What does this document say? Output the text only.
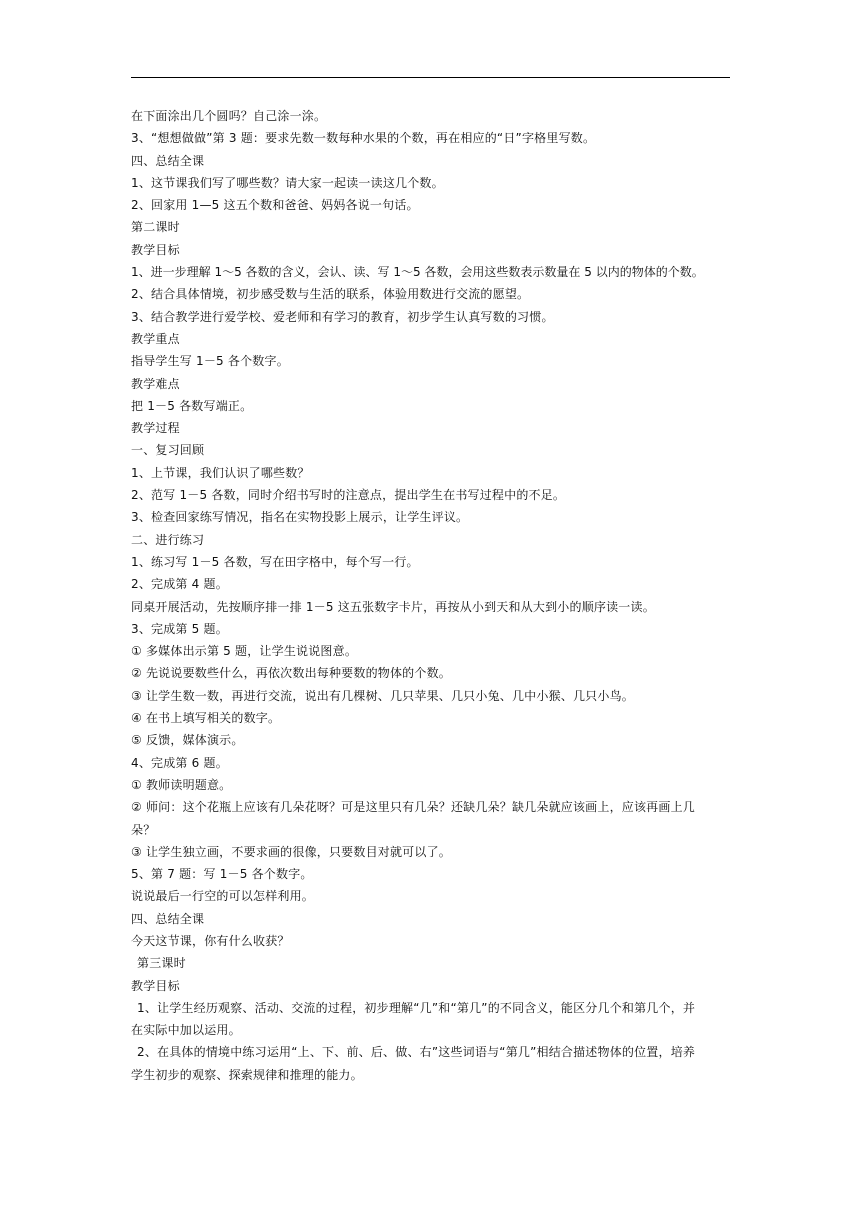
在下面涂出几个圆吗？自己涂一涂。
3、“想想做做”第 3 题：要求先数一数每种水果的个数，再在相应的“日”字格里写数。
四、总结全课
1、这节课我们写了哪些数？请大家一起读一读这几个数。
2、回家用 1—5 这五个数和爸爸、妈妈各说一句话。
第二课时
教学目标
1、进一步理解 1～5 各数的含义，会认、读、写 1～5 各数，会用这些数表示数量在 5 以内的物体的个数。
2、结合具体情境，初步感受数与生活的联系，体验用数进行交流的愿望。
3、结合教学进行爱学校、爱老师和有学习的教育，初步学生认真写数的习惯。
教学重点
指导学生写 1－5 各个数字。
教学难点
把 1－5 各数写端正。
教学过程
一、复习回顾
1、上节课，我们认识了哪些数？
2、范写 1－5 各数，同时介绍书写时的注意点，提出学生在书写过程中的不足。
3、检查回家练写情况，指名在实物投影上展示，让学生评议。
二、进行练习
1、练习写 1－5 各数，写在田字格中，每个写一行。
2、完成第 4 题。
同桌开展活动，先按顺序排一排 1－5 这五张数字卡片，再按从小到天和从大到小的顺序读一读。
3、完成第 5 题。
① 多媒体出示第 5 题，让学生说说图意。
② 先说说要数些什么，再依次数出每种要数的物体的个数。
③ 让学生数一数，再进行交流，说出有几棵树、几只苹果、几只小兔、几中小猴、几只小鸟。
④ 在书上填写相关的数字。
⑤ 反馈，媒体演示。
4、完成第 6 题。
① 教师读明题意。
② 师问：这个花瓶上应该有几朵花呀？可是这里只有几朵？还缺几朵？缺几朵就应该画上，应该再画上几
朵？
③ 让学生独立画，不要求画的很像，只要数目对就可以了。
5、第 7 题：写 1－5 各个数字。
说说最后一行空的可以怎样利用。
四、总结全课
今天这节课，你有什么收获？
第三课时
教学目标
1、让学生经历观察、活动、交流的过程，初步理解“几”和“第几”的不同含义，能区分几个和第几个，并
在实际中加以运用。
2、在具体的情境中练习运用“上、下、前、后、做、右”这些词语与“第几”相结合描述物体的位置，培养
学生初步的观察、探索规律和推理的能力。
